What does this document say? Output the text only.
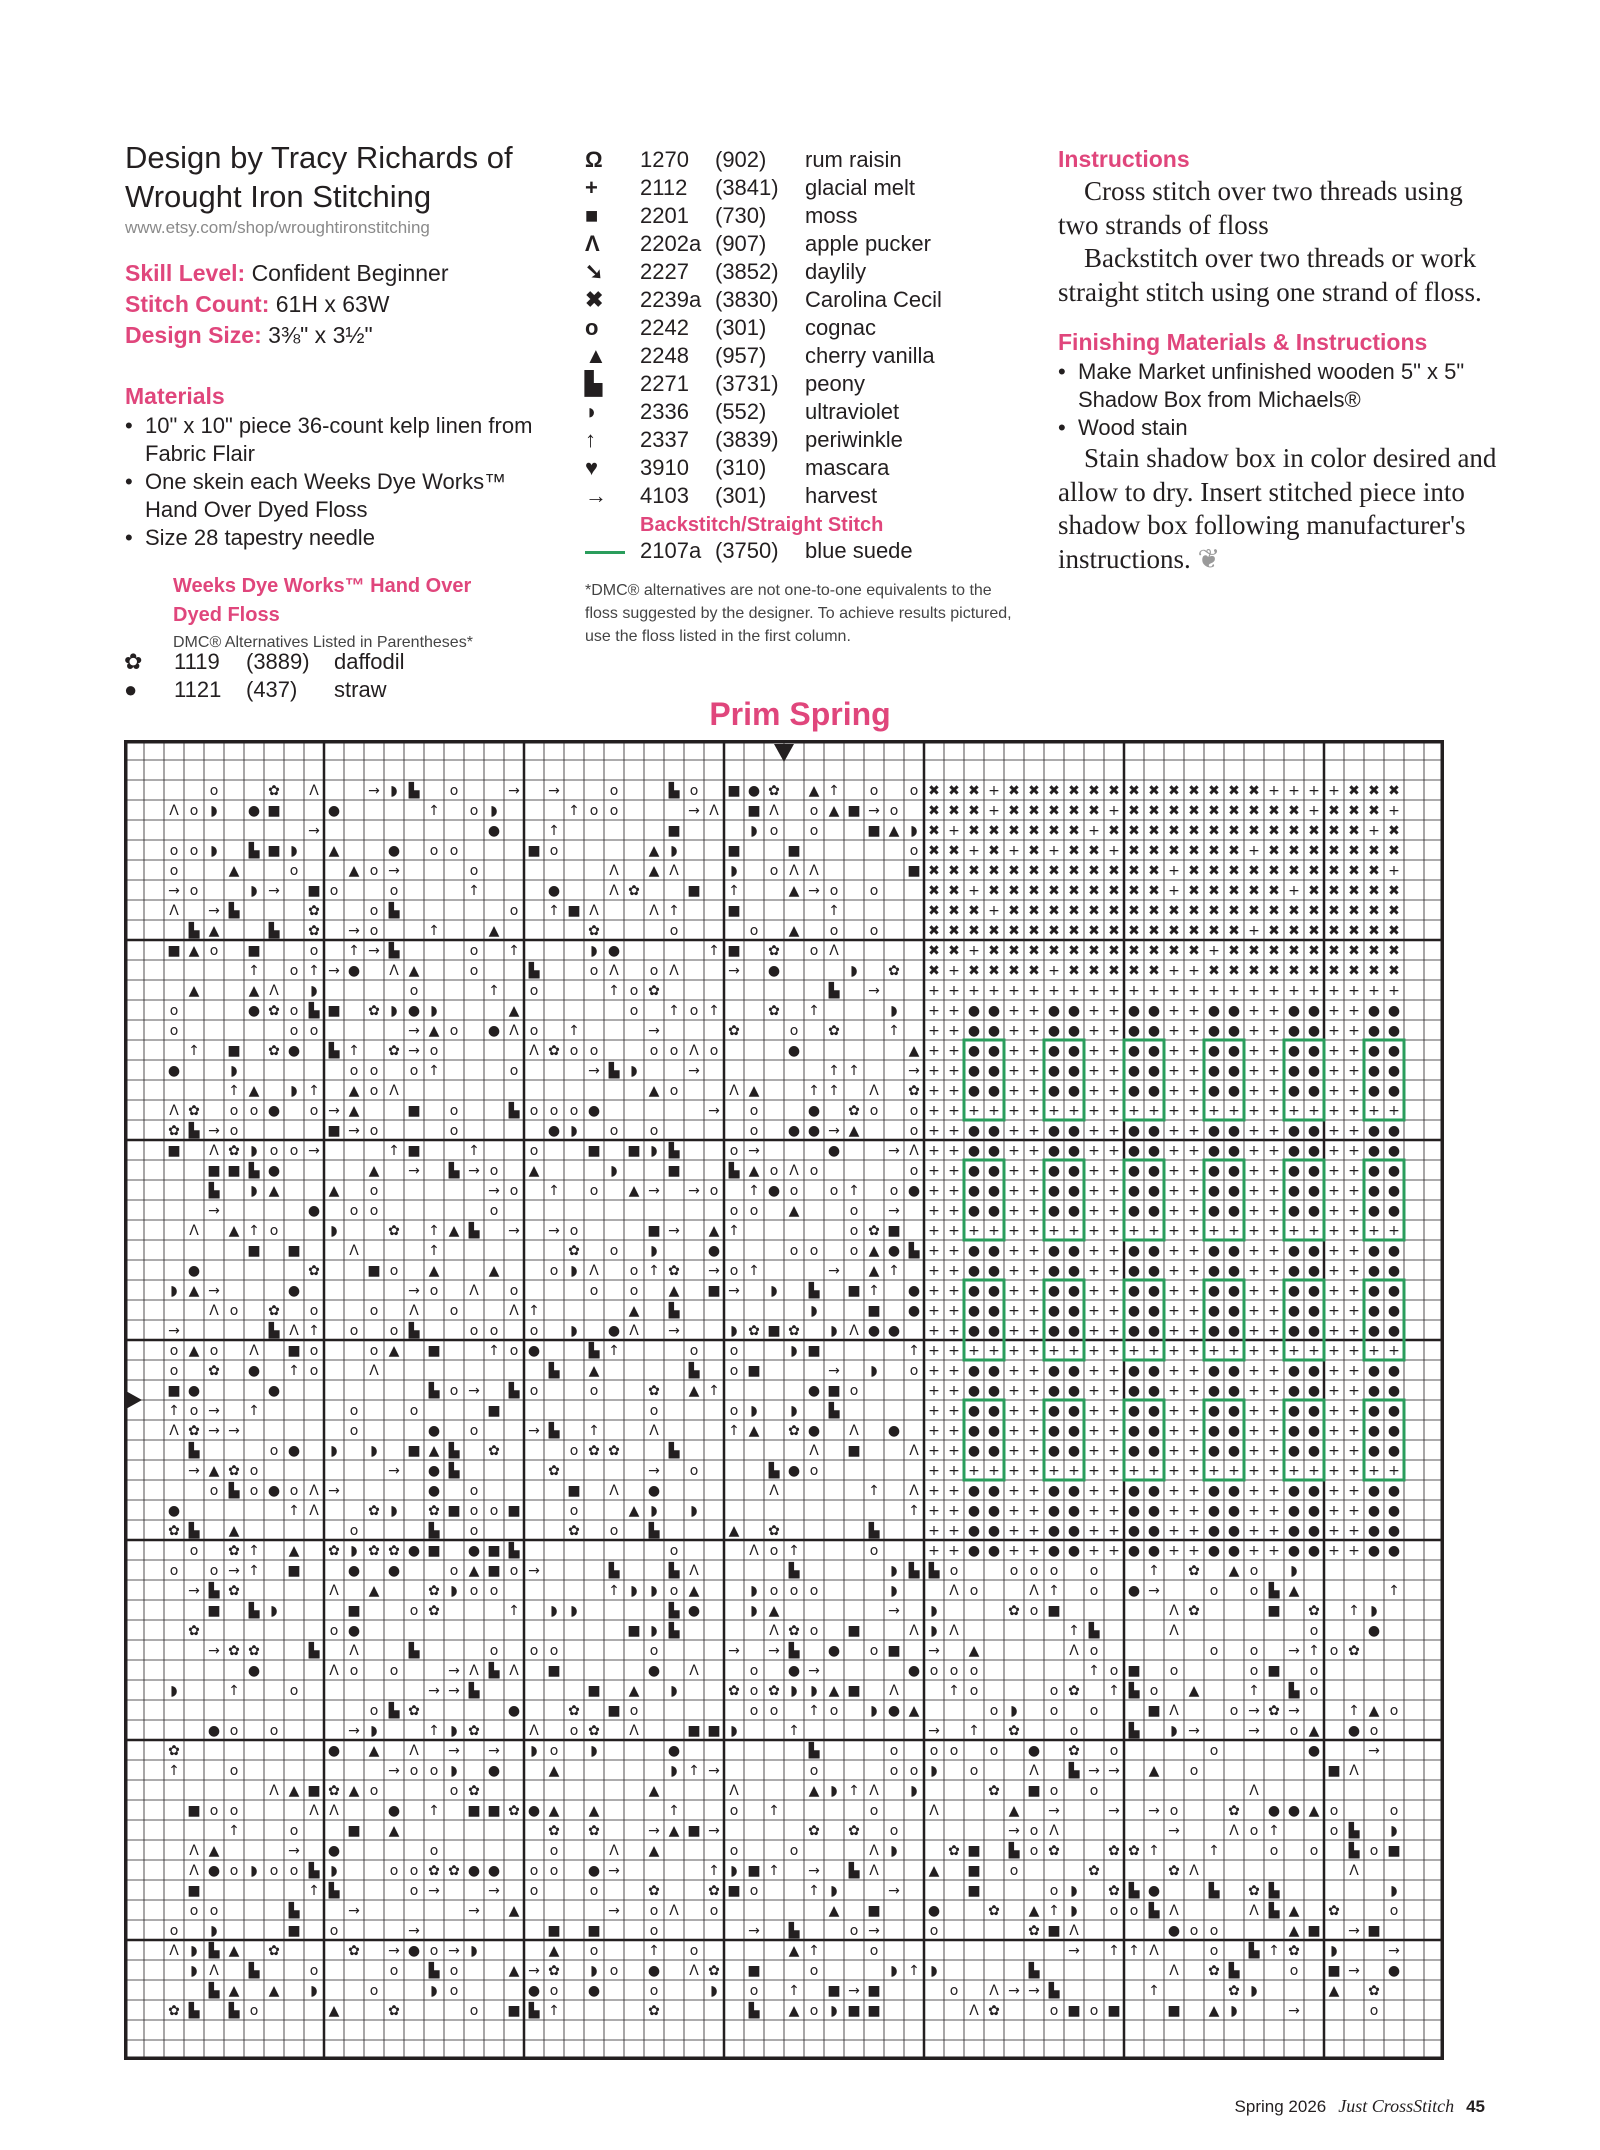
Design by Tracy Richards of
Wrought Iron Stitching
www.etsy.com/shop/wroughtironstitching
Skill Level: Confident Beginner
Stitch Count: 61H x 63W
Design Size: 3⅜" x 3½"
Materials
• 10" x 10" piece 36-count kelp linen from Fabric Flair
• One skein each Weeks Dye Works™ Hand Over Dyed Floss
• Size 28 tapestry needle
Weeks Dye Works™ Hand Over
Dyed Floss
DMC® Alternatives Listed in Parentheses*
✿	1119	(3889)	daffodil
●	1121	(437)	straw
Ω	1270	(902)	rum raisin
+	2112	(3841)	glacial melt
■	2201	(730)	moss
Λ	2202a (907)	apple pucker
➘	2227	(3852)	daylily
✖	2239a (3830)	Carolina Cecil
o	2242	(301)	cognac
▲	2248	(957)	cherry vanilla
▙	2271	(3731)	peony
◗	2336	(552)	ultraviolet
↑	2337	(3839)	periwinkle
♥	3910	(310)	mascara
→	4103	(301)	harvest
Backstitch/Straight Stitch
2107a (3750)	blue suede
*DMC® alternatives are not one-to-one equivalents to the floss suggested by the designer. To achieve results pictured, use the floss listed in the first column.
Instructions
Cross stitch over two threads using two strands of floss
Backstitch over two threads or work straight stitch using one strand of floss.
Finishing Materials & Instructions
• Make Market unfinished wooden 5" x 5" Shadow Box from Michaels®
• Wood stain
Stain shadow box in color desired and allow to dry. Insert stitched piece into shadow box following manufacturer's instructions. ❦
Prim Spring
o	✿ Λ	→ ◗ ▙ o	→ →	o	▙ o ■ ● ✿ ▲ ↑ o o ✖ ✖ ✖ + ✖ ✖ ✖ ✖ ✖ ✖ ✖ ✖ ✖ ✖ ✖ ✖ ✖ + + + + ✖ ✖ ✖
Λ o ◗ ● ■	●	↑ o ◗	↑ o o	→ Λ ■ Λ o ▲ ■ → o ✖ ✖ ✖ + ✖ ✖ ✖ ✖ ✖ + ✖ ✖ ✖ ✖ ✖ ✖ ✖ ✖ ✖ + ✖ ✖ ✖ +
→	●	↑	■	◗ o o	■ ▲ ◗ ✖ + ✖ ✖ ✖ ✖ ✖ ✖ + ✖ ✖ ✖ ✖ ✖ ✖ ✖ ✖ ✖ ✖ ✖ ✖ ✖ + ✖
o o ◗ ▙ ■ ◗ ▲	● o o	■ o	▲ ◗	■	■	o ✖ ✖ + ✖ + ✖ + ✖ ✖ + ✖ ✖ ✖ ✖ ✖ ✖ + ✖ ✖ ✖ ✖ ✖ ✖ ✖
o	▲	o	▲ o →	o	Λ ▲ Λ	◗ o Λ Λ	■ ✖ ✖ ✖ ✖ ✖ ✖ ✖ ✖ ✖ ✖ ✖ ✖ + ✖ ✖ ✖ ✖ ✖ ✖ ✖ ✖ ✖ ✖ +
→ o	◗ → ■ o	o	↑	●	Λ ✿	■ ↑	▲ → o o	✖ ✖ + ✖ ✖ ✖ ✖ ✖ ✖ ✖ ✖ ✖ + ✖ ✖ ✖ ✖ ✖ + ✖ ✖ ✖ ✖ ✖
Λ → ▙	✿	o ▙	o ↑ ■ Λ	Λ ↑	■	↑	✖ ✖ ✖ + ✖ ✖ ✖ ✖ ✖ ✖ ✖ ✖ ✖ ✖ ✖ ✖ ✖ ✖ ✖ ✖ ✖ ✖ ✖ ✖
▙ ▲	▙ ✿ → o	↑	▲	✿	o	o ▲ o o	✖ ✖ ✖ ✖ ✖ ✖ ✖ ✖ ✖ ✖ ✖ ✖ ✖ ✖ ✖ ✖ + ✖ ✖ ✖ ✖ ✖ ✖ ✖
■ ▲ o ■	o ↑ → ▙	o ↑	◗ ●	↑ ■ ✿ o Λ	✖ ✖ + ✖ ✖ ✖ ✖ ✖ ✖ ✖ ✖ ✖ ✖ ✖ + ✖ ✖ ✖ ✖ ✖ ✖ ✖ ✖ ✖
↑ o ↑ → ● Λ ▲	o	▙	o Λ o Λ	→ ●	◗ ✿ ✖ + ✖ ✖ ✖ ✖ + ✖ ✖ ✖ ✖ ✖ + + ✖ ✖ ✖ ✖ ✖ ✖ ✖ ✖ ✖ ✖
▲	▲ Λ ◗	o	↑ o	↑ o ✿	▙ →	+ + + + + + + + + + + + + + + + + + + + + + + +
o	● ✿ o ▙ ■ ✿ ◗ ● ◗	▲	o ↑ o ↑	✿ ↑	◗ + + ● ● + + ● ● + + ● ● + + ● ● + + ● ● + + ● ●
o	o o	→ ▲ o ● Λ o ↑	→	✿	o ✿	↑ + + ● ● + + ● ● + + ● ● + + ● ● + + ● ● + + ● ●
↑ ■ ✿ ● ▙ ↑ ✿ → o	Λ ✿ o o	o o Λ o	●	▲ + + ● ● + + ● ● + + ● ● + + ● ● + + ● ● + + ● ●
●	◗	o o o ↑	o	→ ▙ ◗	→	↑ ↑	→ + + ● ● + + ● ● + + ● ● + + ● ● + + ● ● + + ● ●
↑ ▲ ◗ ↑ ▲ o Λ	▲ o	Λ ▲	↑ ↑ Λ ✿ + + ● ● + + ● ● + + ● ● + + ● ● + + ● ● + + ● ●
Λ ✿ o o ● o → ▲	■ o	▙ o o o ●	→ o	● ✿ o o + + + + + + + + + + + + + + + + + + + + + + + +
✿ ▙ → o	■ → o	o	● ◗ o o	o ● ● → ▲	o + + ● ● + + ● ● + + ● ● + + ● ● + + ● ● + + ● ●
■ Λ ✿ ◗ o o →	↑ ■	↑	o	■ ■ ◗ ▙	o →	●	→ Λ + + ● ● + + ● ● + + ● ● + + ● ● + + ● ● + + ● ●
■ ■ ▙ ●	▲ → ▙ → o ▲	◗	■	▙ ▲ o Λ o	o + + ● ● + + ● ● + + ● ● + + ● ● + + ● ● + + ● ●
▙ ◗ ▲	▲ o	→ o ↑ o ▲ → → o ↑ ● o o ↑ o ● + + ● ● + + ● ● + + ● ● + + ● ● + + ● ● + + ● ●
→	● o o	o	o o ▲	o → + + ● ● + + ● ● + + ● ● + + ● ● + + ● ● + + ● ●
Λ ▲ ↑ o	◗	✿ ↑ ▲ ▙ → → o	■ → ▲ ↑	o ✿ ■ + + + + + + + + + + + + + + + + + + + + + + + +
■ ■	Λ	↑	✿ o ◗	●	o o o ▲ ● ▙ + + ● ● + + ● ● + + ● ● + + ● ● + + ● ● + + ● ●
●	✿	■ o ▲	▲	o ◗ Λ o ↑ ✿ → o ↑	→ ▲ ↑ + + ● ● + + ● ● + + ● ● + + ● ● + + ● ● + + ● ●
◗ ▲ →	●	→ o Λ o	o o ▲ ■ → ◗ ▙ ■ ↑ ● + + ● ● + + ● ● + + ● ● + + ● ● + + ● ● + + ● ●
Λ o ✿ o	o Λ o	Λ ↑	▲ ▙	◗	■ ● + + ● ● + + ● ● + + ● ● + + ● ● + + ● ● + + ● ●
→	▙ Λ ↑ o o ▙	o o o ◗ ● Λ →	◗ ✿ ■ ✿ ◗ Λ ● ● + + ● ● + + ● ● + + ● ● + + ● ● + + ● ● + + ● ●
o ▲ o Λ ■ o	o ▲ ■	↑ o ●	▙ ↑	o o	◗ ■	↑ + + + + + + + + + + + + + + + + + + + + + + + +
o ✿ ● ↑ o	Λ	▙ ▲	▙ o ■	→ ◗ o + + ● ● + + ● ● + + ● ● + + ● ● + + ● ● + + ● ●
■ ●	●	▙ o → ▙ o	o	✿ ▲ ↑	● ■ o	+ + ● ● + + ● ● + + ● ● + + ● ● + + ● ● + + ● ●
↑ o → ↑	o	o	■	o	o ◗ ◗ ▙	+ + ● ● + + ● ● + + ● ● + + ● ● + + ● ● + + ● ●
Λ ✿ → →	o	● o	→ ▙ ↑	Λ	↑ ▲ ✿ ● Λ ● + + ● ● + + ● ● + + ● ● + + ● ● + + ● ● + + ● ●
▙	o ● ◗ ◗ ■ ▲ ▙ ✿	o ✿ ✿	▙	Λ ■	Λ + + ● ● + + ● ● + + ● ● + + ● ● + + ● ● + + ● ●
→ ▲ ✿ o	→ ● ▙	✿	→ o	▙ ● o	+ + + + + + + + + + + + + + + + + + + + + + + +
o ▙ o ● o Λ →	● o	■ Λ ●	Λ	↑ Λ + + ● ● + + ● ● + + ● ● + + ● ● + + ● ● + + ● ●
●	↑ Λ	✿ ◗ ✿ ■ o o ■	o	▲ ◗ ◗	↑ + + ● ● + + ● ● + + ● ● + + ● ● + + ● ● + + ● ●
✿ ▙ ▲	o	▙ o	✿ o ▙	▲ ✿	▙	+ + ● ● + + ● ● + + ● ● + + ● ● + + ● ● + + ● ●
o ✿ ↑ ▲ ✿ ◗ ✿ ✿ ● ■ ● ■ ▙	o	Λ o ↑	o	+ + ● ● + + ● ● + + ● ● + + ● ● + + ● ● + + ● ●
o o → ↑ ■	● ●	o ▲ ■ o →	▙	▙ Λ	▙	◗ ▙ ▙ o	o o o o	↑ ✿ ▲ o ◗
→ ▙ ✿	Λ ▲	✿ ◗ o o	↑ ◗ ◗ o ▲	◗ o o o	◗	Λ o	Λ ↑ o ● →	o o ▙ ▲	↑
■ ▙ ◗	■	o ✿	↑ ◗ ◗	▙ ●	◗ ▲	→ ◗	✿ o ■	Λ ✿	■ ✿ ↑ ◗
✿	o ●	■ ◗ ▙	Λ ✿ o ■	Λ ◗ Λ	↑ ▙	Λ	o	●
→ ✿ ✿	▙ Λ	▙	o o o	o	→ → ▙ ● o ■ → ▲	Λ o	o o → ↑ o ✿
●	Λ o o	→ Λ ▙ Λ ■	● Λ	o ● →	● o o o	↑ o ■ o	o ■ o
◗	↑	o	→ → ▙	■ ▲ ◗	✿ o ✿ ◗ ◗ ▲ ■ Λ	↑ o	o ✿ ↑ ▙ o ▲	↑ ▙ o
o ▙ ✿	●	✿ ■ o	o o ↑ o ◗ ● ▲	o ◗ o o	■ Λ	o → ✿ →	↑ ▲ o
● o o	→ ◗	↑ ◗ ✿	Λ o ✿ Λ	■ ■ ◗	↑	→ ↑ ✿	o	▙ ◗ →	→ o ▲ ● o
✿	● ▲ Λ → → ◗ o ◗	●	▙	o o o o ● ✿ o	o	●	→
↑	o	→ o o ◗ ●	▲	◗ ↑ →	o	o o ◗ o	Λ ▙ → → ▲ o	■ Λ
Λ ▲ ■ ✿ ▲ o	o ✿	▲	Λ	▲ ◗ ↑ Λ ◗	✿ ■ o o	Λ
■ o o	Λ Λ	● ↑ ■ ■ ✿ ● ▲ ▲	↑	o ↑	o	Λ	▲ →	→ → o	✿ ● ● ▲ o	o
↑	o	■ ▲	✿ ✿	→ ▲ ■ →	✿ ✿ o	→ o Λ	→	Λ o ↑	o ▙ ◗
Λ ▲	→ ●	o	o	Λ ▲	o	o	Λ ◗	✿ ■ ▙ o ✿	✿ ✿ ↑	↑	o o ▙ o ■
Λ ● o ◗ o o ▙ ◗	o o ✿ ✿ ● ● o o ● →	↑ ◗ ■ ↑ → ▙ Λ	▲ ■ o	✿	✿ Λ	Λ
■	↑ ▙	o →	→ o	o	✿	✿ ■ o	↑ ◗	→	■	o ◗ ✿ ▙ ●	▙ ✿ ▙	◗
o o	▙	→	→ ▲	→ o Λ o	▲ ■	●	✿ ▲ ↑ ◗ o o ▙ Λ	Λ ▙ ▲ ✿	o
o ◗	■ o	→	■ ■	o	→ ▙	o →	o	✿ ■ Λ	● o o	▲ ■ → ■
Λ ◗ ▙ ▲ ✿	✿ → ● o → ◗	▲ o	↑ o	▲ ↑	o	→ ↑ ↑ Λ	o ▙ ↑ ✿ ◗	→
◗ Λ ▙	o	o ▙ o	▲ → ✿ ◗ o ● Λ ✿ ■	o	◗ ↑ ◗	▙	Λ ✿ ▙	o ■ → ●
▙ ▲ ▲ ◗	o	◗ o	● o ●	o	◗ o ↑ ■ → ■	o Λ → → ▙	↑	✿ ◗	▲ ✿
✿ ▙ ▙ o	▲	✿	o ■ ▙ ↑	✿	▙ ▲ o ◗ ■ ■	Λ ✿	o ■ o ■	■ ▲ ◗	→	o
Spring 2026 Just CrossStitch 45
